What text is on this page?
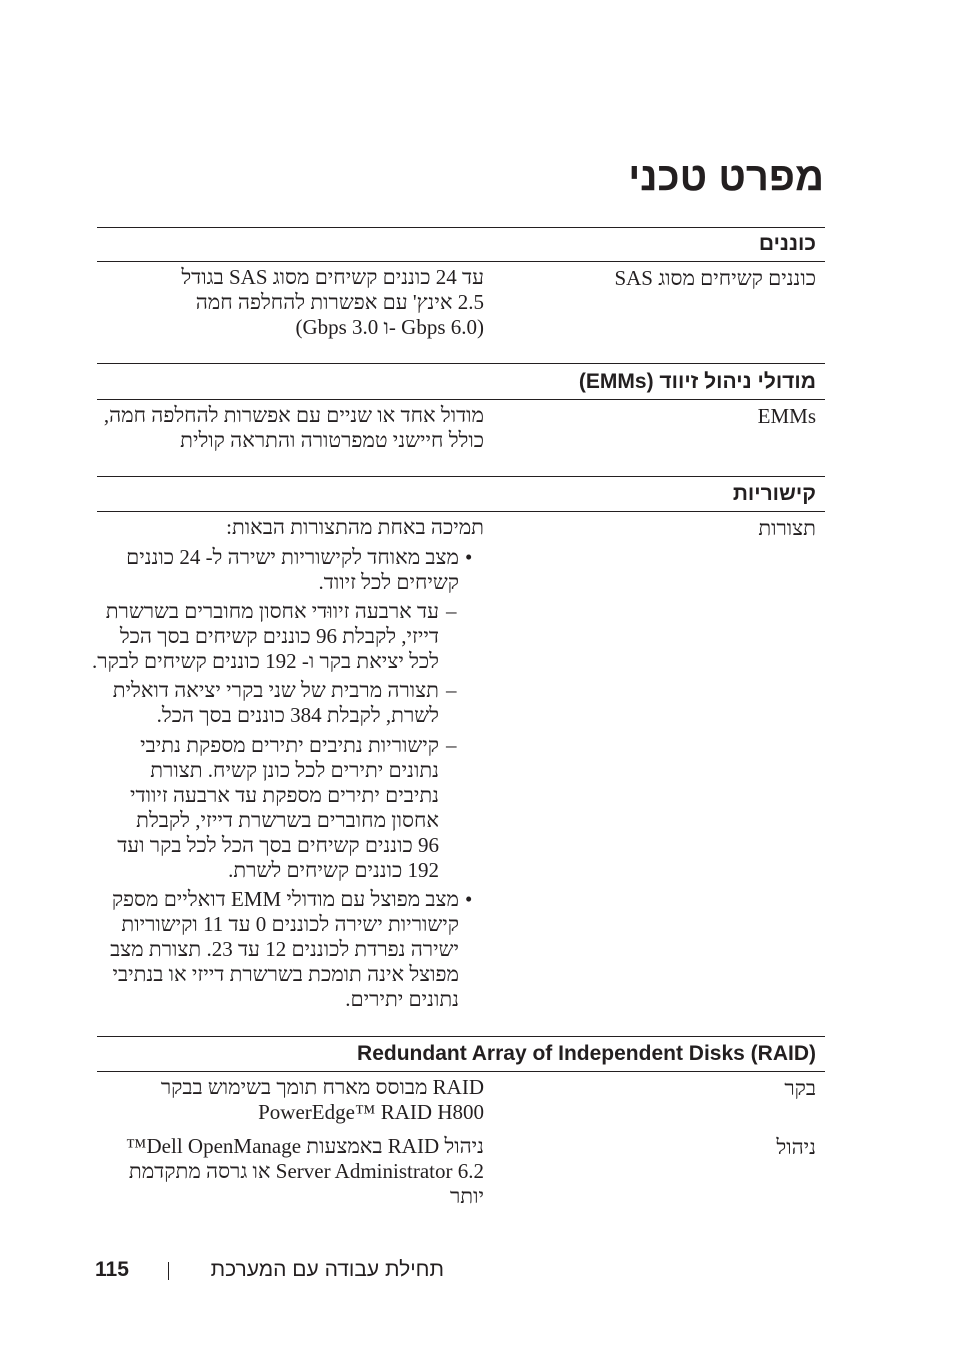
מפרט טכני
כוננים
כוננים קשיחים מסוג SAS
עד 24 כוננים קשיחים מסוג SAS בגודל
2.5 אינץ' עם אפשרות להחלפה חמה
(6.0 Gbps -ו 3.0 Gbps)
מודולי ניהול זיווד (EMMs)
EMMs
מודול אחד או שניים עם אפשרות להחלפה חמה,
כולל חיישני טמפרטורה והתראה קולית
קישוריות
תצורות
תמיכה באחת מהתצורות הבאות:
•
מצב מאוחד לקישוריות ישירה ל- 24 כוננים
קשיחים לכל זיווד.
–
עד ארבעה זיווּדי אחסון מחוברים בשרשרת
דייזי, לקבלת 96 כוננים קשיחים בסך הכל
לכל יציאת בקר ו- 192 כוננים קשיחים לבקר.
–
תצורה מרבית של שני בקרי יציאה דואלית
לשרת, לקבלת 384 כוננים בסך הכל.
–
קישוריות נתיבים יתירים מספקת נתיבי
נתונים יתירים לכל כונן קשיח. תצורת
נתיבים יתירים מספקת עד ארבעה זיוודי
אחסון מחוברים בשרשרת דייזי, לקבלת
96 כוננים קשיחים בסך הכל לכל בקר ועד
192 כוננים קשיחים לשרת.
•
מצב מפוצל עם מודולי EMM דואליים מספק
קישוריות ישירה לכוננים 0 עד 11 וקישוריות
ישירה נפרדת לכוננים 12 עד 23. תצורת מצב
מפוצל אינה תומכת בשרשרת דייזי או בנתיבי
נתונים יתירים.
(RAID) Redundant Array of Independent Disks
בקר
RAID מבוסס מארח תומך בשימוש בבקר
PowerEdge™ RAID H800
ניהול
ניהול RAID באמצעות Dell OpenManage™
Server Administrator 6.2 או גרסה מתקדמת
יותר
115	תחילת עבודה עם המערכת
